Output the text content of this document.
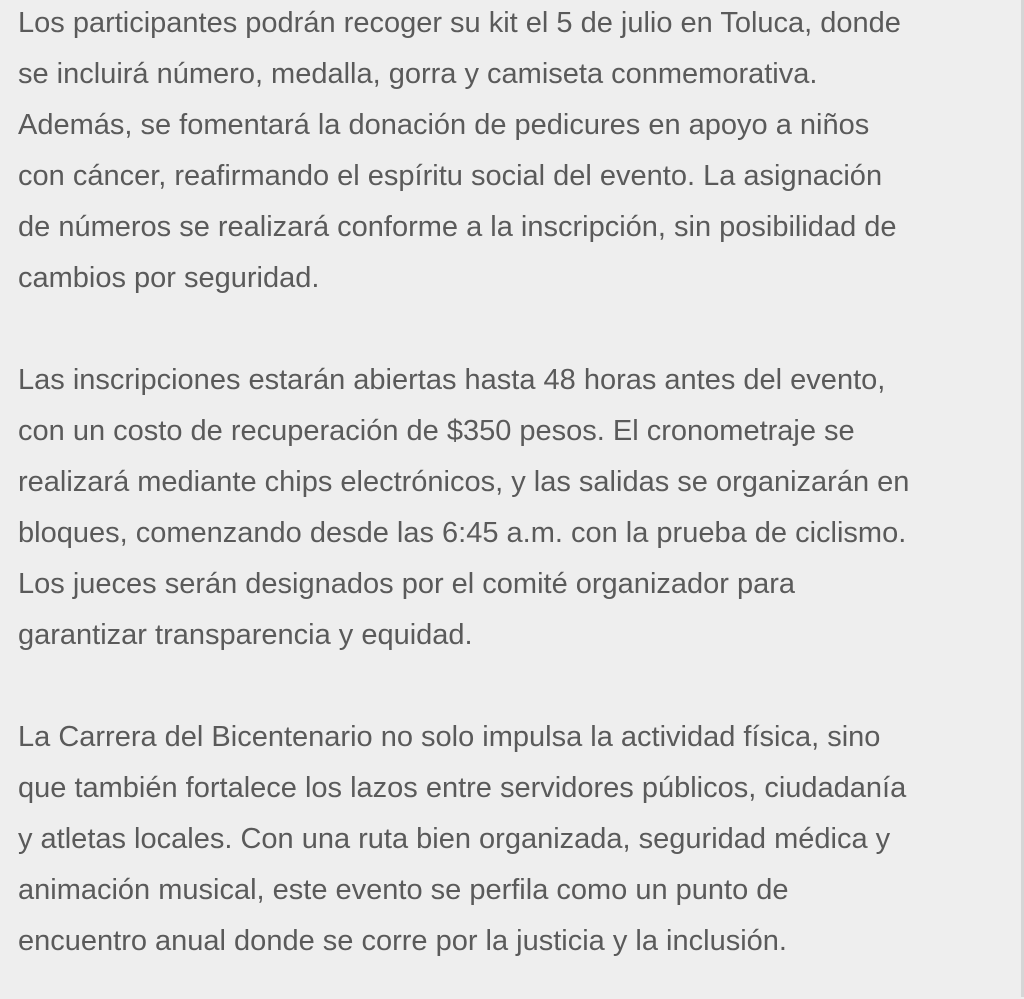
Los participantes podrán recoger su kit el 5 de julio en Toluca, donde
se incluirá número, medalla, gorra y camiseta conmemorativa.
Además, se fomentará la donación de pedicures en apoyo a niños
con cáncer, reafirmando el espíritu social del evento. La asignación
de números se realizará conforme a la inscripción, sin posibilidad de
cambios por seguridad.

Las inscripciones estarán abiertas hasta 48 horas antes del evento,
con un costo de recuperación de $350 pesos. El cronometraje se
realizará mediante chips electrónicos, y las salidas se organizarán en
bloques, comenzando desde las 6:45 a.m. con la prueba de ciclismo.
Los jueces serán designados por el comité organizador para
garantizar transparencia y equidad.

La Carrera del Bicentenario no solo impulsa la actividad física, sino
que también fortalece los lazos entre servidores públicos, ciudadanía
y atletas locales. Con una ruta bien organizada, seguridad médica y
animación musical, este evento se perfila como un punto de
encuentro anual donde se corre por la justicia y la inclusión.
